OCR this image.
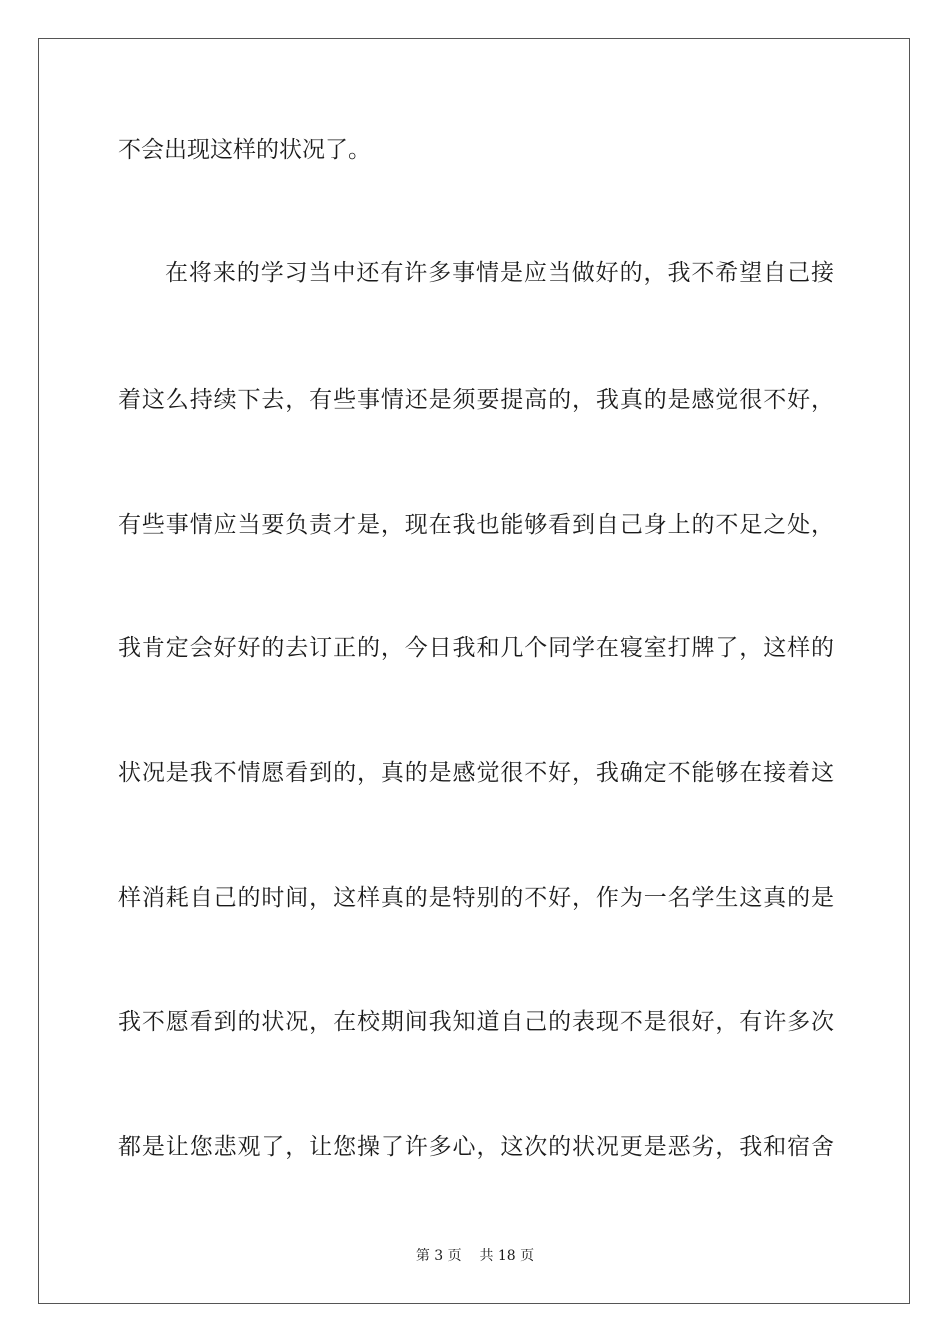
不会出现这样的状况了。
在将来的学习当中还有许多事情是应当做好的，我不希望自己接
着这么持续下去，有些事情还是须要提高的，我真的是感觉很不好，
有些事情应当要负责才是，现在我也能够看到自己身上的不足之处，
我肯定会好好的去订正的，今日我和几个同学在寝室打牌了，这样的
状况是我不情愿看到的，真的是感觉很不好，我确定不能够在接着这
样消耗自己的时间，这样真的是特别的不好，作为一名学生这真的是
我不愿看到的状况，在校期间我知道自己的表现不是很好，有许多次
都是让您悲观了，让您操了许多心，这次的状况更是恶劣，我和宿舍
第 3 页 共 18 页
